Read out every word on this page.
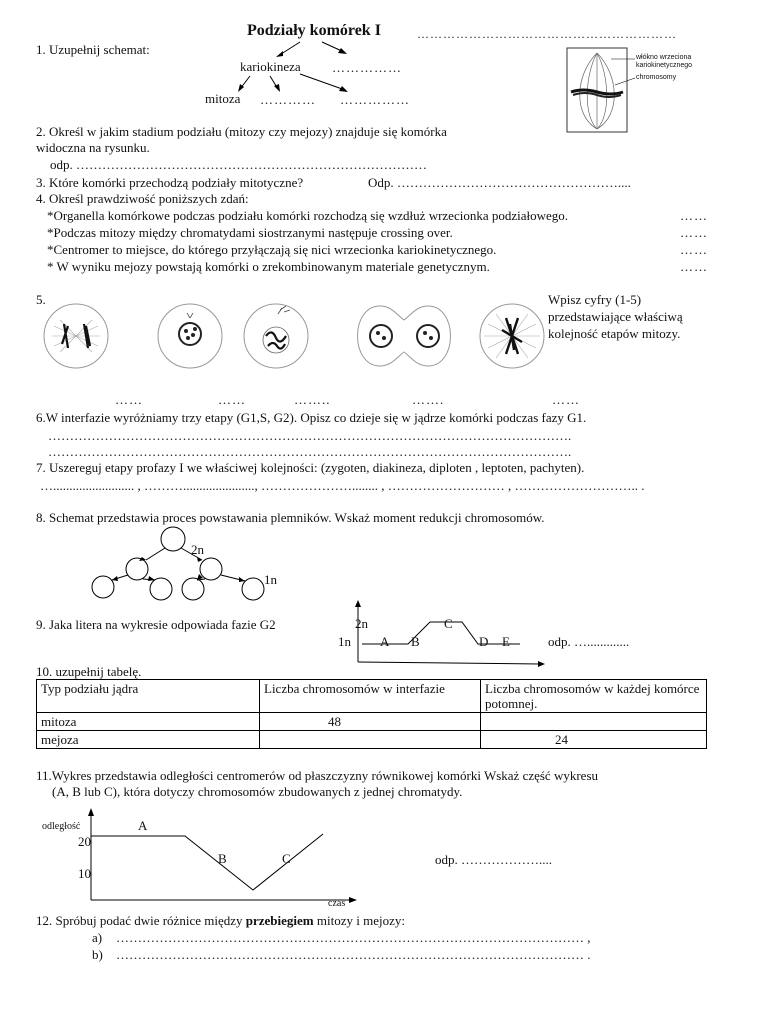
Podziały komórek I	……………………………………………………
1. Uzupełnij schemat:
kariokineza ……………
mitoza ………… ……………
włókno wrzeciona
kariokinetycznego
chromosomy
2. Określ w jakim stadium podziału (mitozy czy mejozy) znajduje się komórka
widoczna na rysunku.
odp. ………………………………………………………………………
3. Które komórki przechodzą podziały mitotyczne?	Odp. ……………………………………………....
4. Określ prawdziwość poniższych zdań:
*Organella komórkowe podczas podziału komórki rozchodzą się wzdłuż wrzecionka podziałowego.	……
*Podczas mitozy między chromatydami siostrzanymi następuje crossing over.	……
*Centromer to miejsce, do którego przyłączają się nici wrzecionka kariokinetycznego.	……
* W wyniku mejozy powstają komórki o zrekombinowanym materiale genetycznym.	……
5.	Wpisz cyfry (1-5)
przedstawiające właściwą
kolejność etapów mitozy.
……	……	……..	…….	……
6.W interfazie wyróżniamy trzy etapy (G1,S, G2). Opisz co dzieje się w jądrze komórki podczas fazy G1.
………………………………………………………………………………………………………….
………………………………………………………………………………………………………….
7. Uszereguj etapy profazy I we właściwej kolejności: (zygoten, diakineza, diploten , leptoten, pachyten).
…......................... , ………......................, …………………........ , ……………………… , ……………………….. .
8. Schemat przedstawia proces powstawania plemników. Wskaż moment redukcji chromosomów.
2n
1n
9. Jaka litera na wykresie odpowiada fazie G2	2n
1n A B
C
D E	odp. ….............
10. uzupełnij tabelę.
Typ podziału jądra	Liczba chromosomów w interfazie	Liczba chromosomów w każdej komórce potomnej.
mitoza	48	
mejoza		24
11.Wykres przedstawia odległości centromerów od płaszczyzny równikowej komórki Wskaż część wykresu
(A, B lub C), która dotyczy chromosomów zbudowanych z jednej chromatydy.
odległość
20
10
A
B	C
czas
odp. ………………....
12. Spróbuj podać dwie różnice między przebiegiem mitozy i mejozy:
a) ……………………………………………………………………………………………… ,
b) ……………………………………………………………………………………………… .
